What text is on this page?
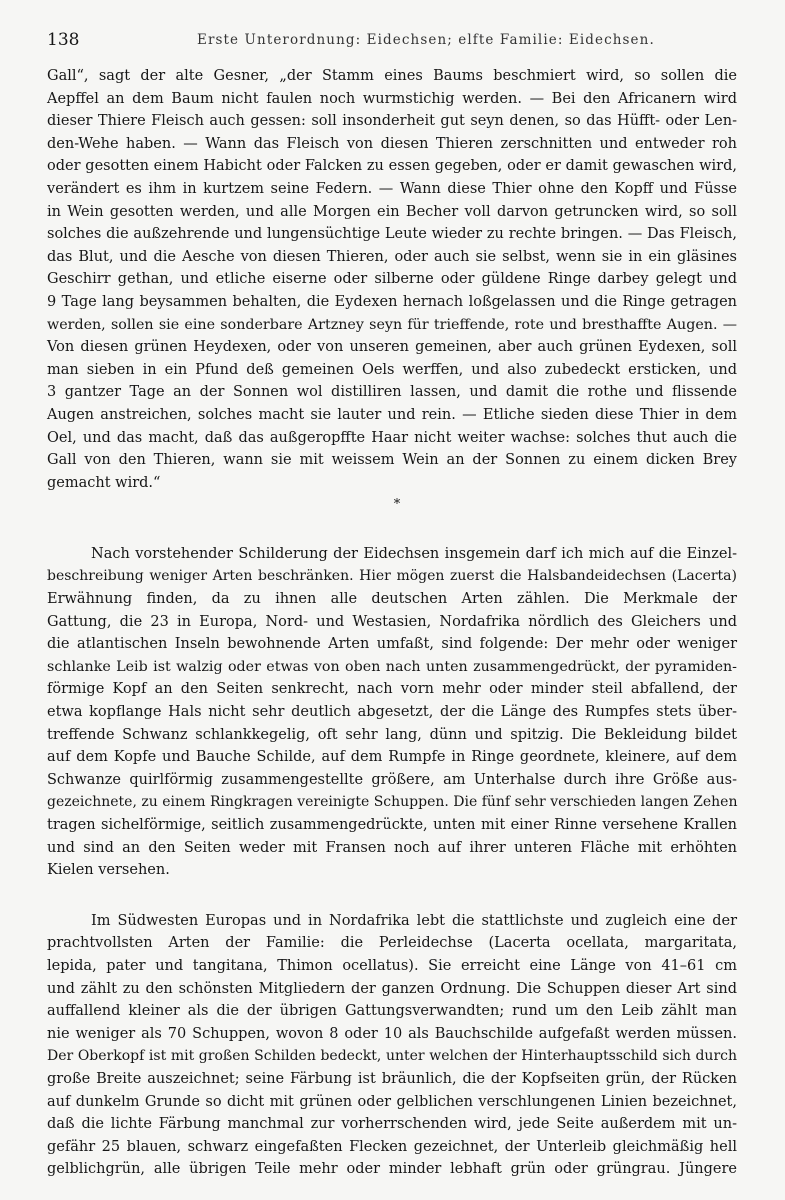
138	Erste Unterordnung: Eidechsen; elfte Familie: Eidechsen.
Gall“, sagt der alte Gesner, „der Stamm eines Baums beschmiert wird, so sollen die
Aepffel an dem Baum nicht faulen noch wurmstichig werden. — Bei den Africanern wird
dieser Thiere Fleisch auch gessen: soll insonderheit gut seyn denen, so das Hüfft- oder Len-
den-Wehe haben. — Wann das Fleisch von diesen Thieren zerschnitten und entweder roh
oder gesotten einem Habicht oder Falcken zu essen gegeben, oder er damit gewaschen wird,
verändert es ihm in kurtzem seine Federn. — Wann diese Thier ohne den Kopff und Füsse
in Wein gesotten werden, und alle Morgen ein Becher voll darvon getruncken wird, so soll
solches die außzehrende und lungensüchtige Leute wieder zu rechte bringen. — Das Fleisch,
das Blut, und die Aesche von diesen Thieren, oder auch sie selbst, wenn sie in ein gläsines
Geschirr gethan, und etliche eiserne oder silberne oder güldene Ringe darbey gelegt und
9 Tage lang beysammen behalten, die Eydexen hernach loßgelassen und die Ringe getragen
werden, sollen sie eine sonderbare Artzney seyn für trieffende, rote und bresthaffte Augen. —
Von diesen grünen Heydexen, oder von unseren gemeinen, aber auch grünen Eydexen, soll
man sieben in ein Pfund deß gemeinen Oels werffen, und also zubedeckt ersticken, und
3 gantzer Tage an der Sonnen wol distilliren lassen, und damit die rothe und flissende
Augen anstreichen, solches macht sie lauter und rein. — Etliche sieden diese Thier in dem
Oel, und das macht, daß das außgeropffte Haar nicht weiter wachse: solches thut auch die
Gall von den Thieren, wann sie mit weissem Wein an der Sonnen zu einem dicken Brey
gemacht wird.“
*
Nach vorstehender Schilderung der Eidechsen insgemein darf ich mich auf die Einzel-
beschreibung weniger Arten beschränken. Hier mögen zuerst die Halsbandeidechsen (Lacerta)
Erwähnung finden, da zu ihnen alle deutschen Arten zählen. Die Merkmale der
Gattung, die 23 in Europa, Nord- und Westasien, Nordafrika nördlich des Gleichers und
die atlantischen Inseln bewohnende Arten umfaßt, sind folgende: Der mehr oder weniger
schlanke Leib ist walzig oder etwas von oben nach unten zusammengedrückt, der pyramiden-
förmige Kopf an den Seiten senkrecht, nach vorn mehr oder minder steil abfallend, der
etwa kopflange Hals nicht sehr deutlich abgesetzt, der die Länge des Rumpfes stets über-
treffende Schwanz schlankkegelig, oft sehr lang, dünn und spitzig. Die Bekleidung bildet
auf dem Kopfe und Bauche Schilde, auf dem Rumpfe in Ringe geordnete, kleinere, auf dem
Schwanze quirlförmig zusammengestellte größere, am Unterhalse durch ihre Größe aus-
gezeichnete, zu einem Ringkragen vereinigte Schuppen. Die fünf sehr verschieden langen Zehen
tragen sichelförmige, seitlich zusammengedrückte, unten mit einer Rinne versehene Krallen
und sind an den Seiten weder mit Fransen noch auf ihrer unteren Fläche mit erhöhten
Kielen versehen.
Im Südwesten Europas und in Nordafrika lebt die stattlichste und zugleich eine der
prachtvollsten Arten der Familie: die Perleidechse (Lacerta ocellata, margaritata,
lepida, pater und tangitana, Thimon ocellatus). Sie erreicht eine Länge von 41–61 cm
und zählt zu den schönsten Mitgliedern der ganzen Ordnung. Die Schuppen dieser Art sind
auffallend kleiner als die der übrigen Gattungsverwandten; rund um den Leib zählt man
nie weniger als 70 Schuppen, wovon 8 oder 10 als Bauchschilde aufgefaßt werden müssen.
Der Oberkopf ist mit großen Schilden bedeckt, unter welchen der Hinterhauptsschild sich durch
große Breite auszeichnet; seine Färbung ist bräunlich, die der Kopfseiten grün, der Rücken
auf dunkelm Grunde so dicht mit grünen oder gelblichen verschlungenen Linien bezeichnet,
daß die lichte Färbung manchmal zur vorherrschenden wird, jede Seite außerdem mit un-
gefähr 25 blauen, schwarz eingefaßten Flecken gezeichnet, der Unterleib gleichmäßig hell
gelblichgrün, alle übrigen Teile mehr oder minder lebhaft grün oder grüngrau. Jüngere
